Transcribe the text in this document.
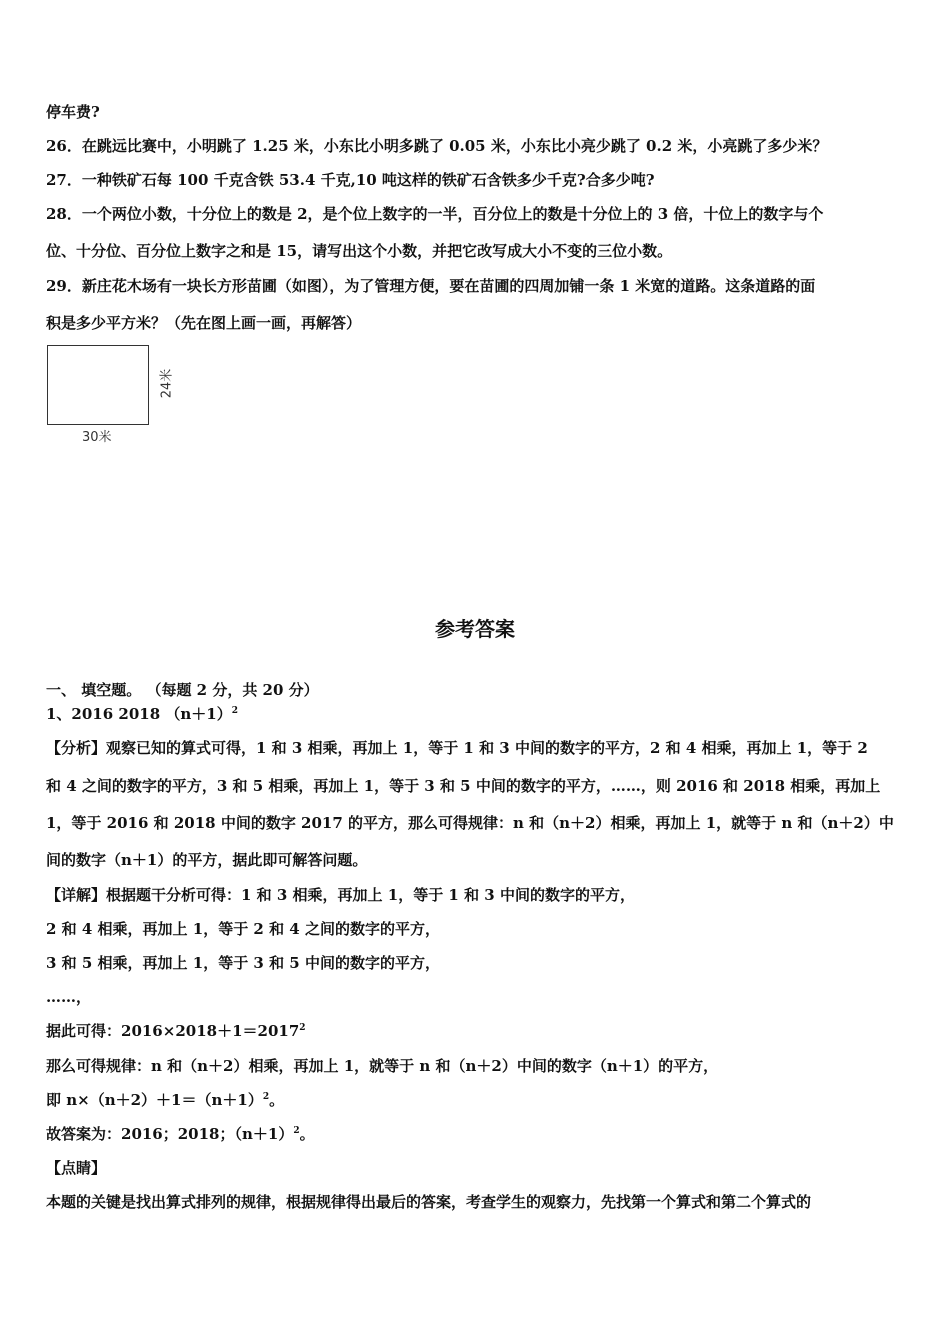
停车费?
26．在跳远比赛中，小明跳了 1.25 米，小东比小明多跳了 0.05 米，小东比小亮少跳了 0.2 米，小亮跳了多少米？
27．一种铁矿石每 100 千克含铁 53.4 千克,10 吨这样的铁矿石含铁多少千克?合多少吨?
28．一个两位小数，十分位上的数是 2，是个位上数字的一半，百分位上的数是十分位上的 3 倍，十位上的数字与个
位、十分位、百分位上数字之和是 15，请写出这个小数，并把它改写成大小不变的三位小数。
29．新庄花木场有一块长方形苗圃（如图），为了管理方便，要在苗圃的四周加铺一条 1 米宽的道路。这条道路的面
积是多少平方米？（先在图上画一画，再解答）
24米
30米
参考答案
一、 填空题。 （每题 2 分，共 20 分）
1、2016 2018 $(n+1)^2$
【分析】观察已知的算式可得，1 和 3 相乘，再加上 1，等于 1 和 3 中间的数字的平方，2 和 4 相乘，再加上 1，等于 2
和 4 之间的数字的平方，3 和 5 相乘，再加上 1，等于 3 和 5 中间的数字的平方，……，则 2016 和 2018 相乘，再加上
1，等于 2016 和 2018 中间的数字 2017 的平方，那么可得规律：n 和（n＋2）相乘，再加上 1，就等于 n 和（n＋2）中
间的数字（n＋1）的平方，据此即可解答问题。
【详解】根据题干分析可得：1 和 3 相乘，再加上 1，等于 1 和 3 中间的数字的平方，
2 和 4 相乘，再加上 1，等于 2 和 4 之间的数字的平方，
3 和 5 相乘，再加上 1，等于 3 和 5 中间的数字的平方，
……，
据此可得：$2016\times 2018+1=2017^2$
那么可得规律：n 和（n＋2）相乘，再加上 1，就等于 n 和（n＋2）中间的数字（n＋1）的平方，
即 $n\times(n+2)+1=(n+1)^2$。
故答案为：2016；2018；$(n+1)^2$。
【点睛】
本题的关键是找出算式排列的规律，根据规律得出最后的答案，考查学生的观察力，先找第一个算式和第二个算式的
